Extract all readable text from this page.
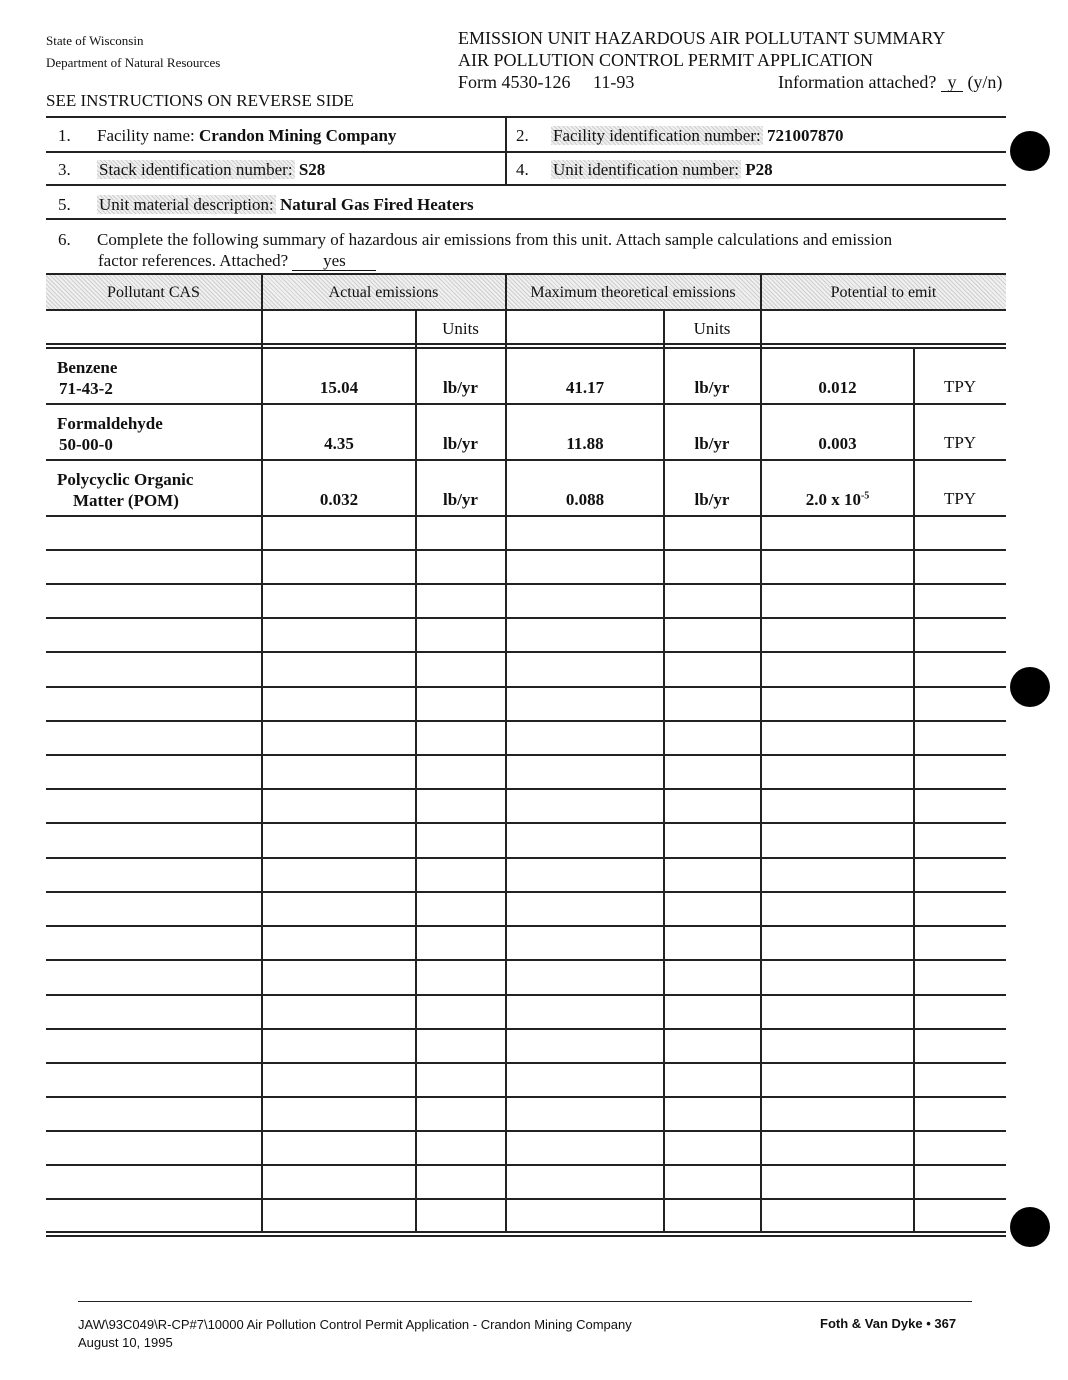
State of Wisconsin
Department of Natural Resources
EMISSION UNIT HAZARDOUS AIR POLLUTANT SUMMARY
AIR POLLUTION CONTROL PERMIT APPLICATION
Form 4530-126 11-93	Information attached? y (y/n)
SEE INSTRUCTIONS ON REVERSE SIDE
1. Facility name: Crandon Mining Company	2. Facility identification number: 721007870
3. Stack identification number: S28	4. Unit identification number: P28
5. Unit material description: Natural Gas Fired Heaters
6. Complete the following summary of hazardous air emissions from this unit. Attach sample calculations and emission
factor references. Attached? yes
Pollutant CAS	Actual emissions	Maximum theoretical emissions	Potential to emit
Units	Units
Benzene
71-43-2	15.04	lb/yr	41.17	lb/yr	0.012	TPY
Formaldehyde
50-00-0	4.35	lb/yr	11.88	lb/yr	0.003	TPY
Polycyclic Organic
Matter (POM)	0.032	lb/yr	0.088	lb/yr	2.0 x $10^{-5}$	TPY
JAW\93C049\R-CP#7\10000 Air Pollution Control Permit Application - Crandon Mining Company
August 10, 1995
Foth & Van Dyke • 367
